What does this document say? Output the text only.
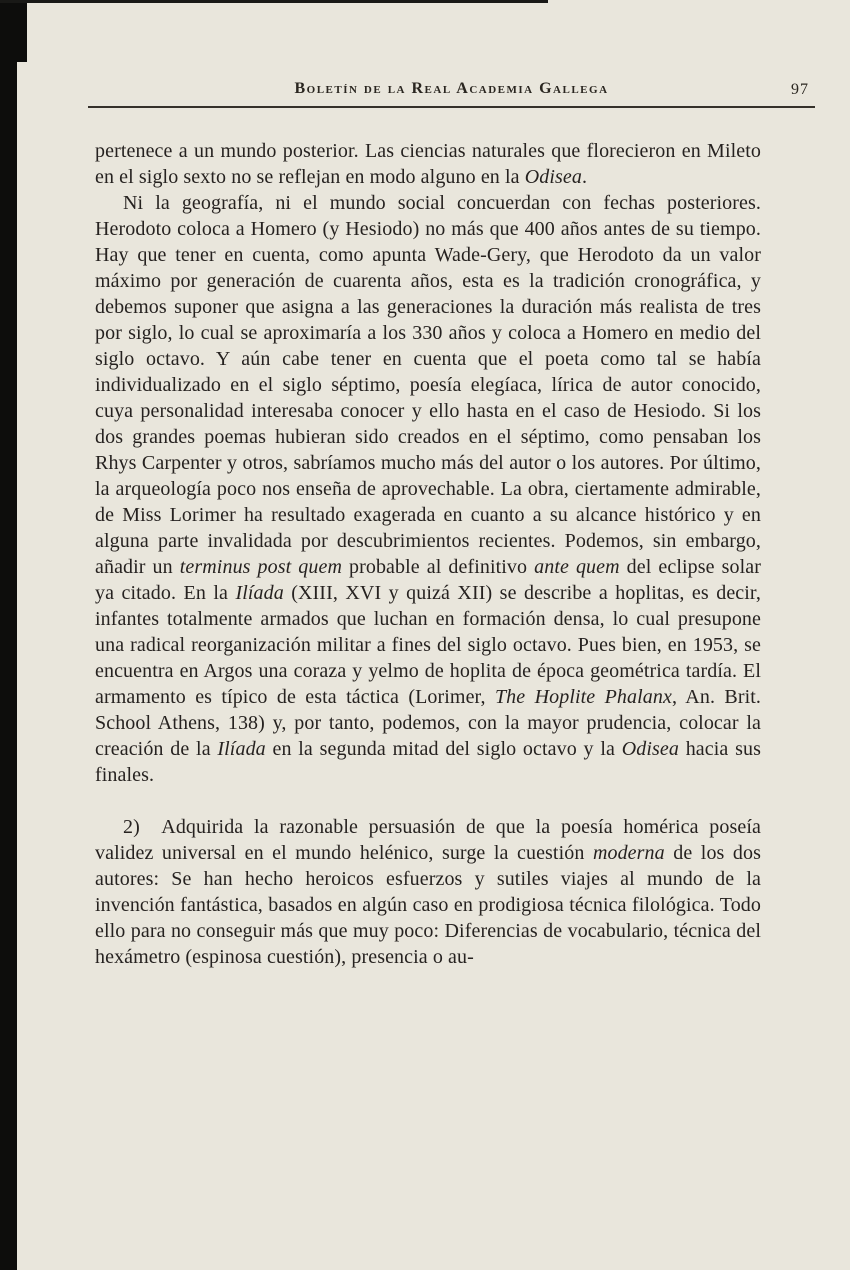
Boletín de la Real Academia Gallega	97

pertenece a un mundo posterior. Las ciencias naturales que florecieron en Mileto en el siglo sexto no se reflejan en modo alguno en la Odisea.

Ni la geografía, ni el mundo social concuerdan con fechas posteriores. Herodoto coloca a Homero (y Hesiodo) no más que 400 años antes de su tiempo. Hay que tener en cuenta, como apunta Wade-Gery, que Herodoto da un valor máximo por generación de cuarenta años, esta es la tradición cronográfica, y debemos suponer que asigna a las generaciones la duración más realista de tres por siglo, lo cual se aproximaría a los 330 años y coloca a Homero en medio del siglo octavo. Y aún cabe tener en cuenta que el poeta como tal se había individualizado en el siglo séptimo, poesía elegíaca, lírica de autor conocido, cuya personalidad interesaba conocer y ello hasta en el caso de Hesiodo. Si los dos grandes poemas hubieran sido creados en el séptimo, como pensaban los Rhys Carpenter y otros, sabríamos mucho más del autor o los autores. Por último, la arqueología poco nos enseña de aprovechable. La obra, ciertamente admirable, de Miss Lorimer ha resultado exagerada en cuanto a su alcance histórico y en alguna parte invalidada por descubrimientos recientes. Podemos, sin embargo, añadir un terminus post quem probable al definitivo ante quem del eclipse solar ya citado. En la Ilíada (XIII, XVI y quizá XII) se describe a hoplitas, es decir, infantes totalmente armados que luchan en formación densa, lo cual presupone una radical reorganización militar a fines del siglo octavo. Pues bien, en 1953, se encuentra en Argos una coraza y yelmo de hoplita de época geométrica tardía. El armamento es típico de esta táctica (Lorimer, The Hoplite Phalanx, An. Brit. School Athens, 138) y, por tanto, podemos, con la mayor prudencia, colocar la creación de la Ilíada en la segunda mitad del siglo octavo y la Odisea hacia sus finales.

2)  Adquirida la razonable persuasión de que la poesía homérica poseía validez universal en el mundo helénico, surge la cuestión moderna de los dos autores: Se han hecho heroicos esfuerzos y sutiles viajes al mundo de la invención fantástica, basados en algún caso en prodigiosa técnica filológica. Todo ello para no conseguir más que muy poco: Diferencias de vocabulario, técnica del hexámetro (espinosa cuestión), presencia o au-
